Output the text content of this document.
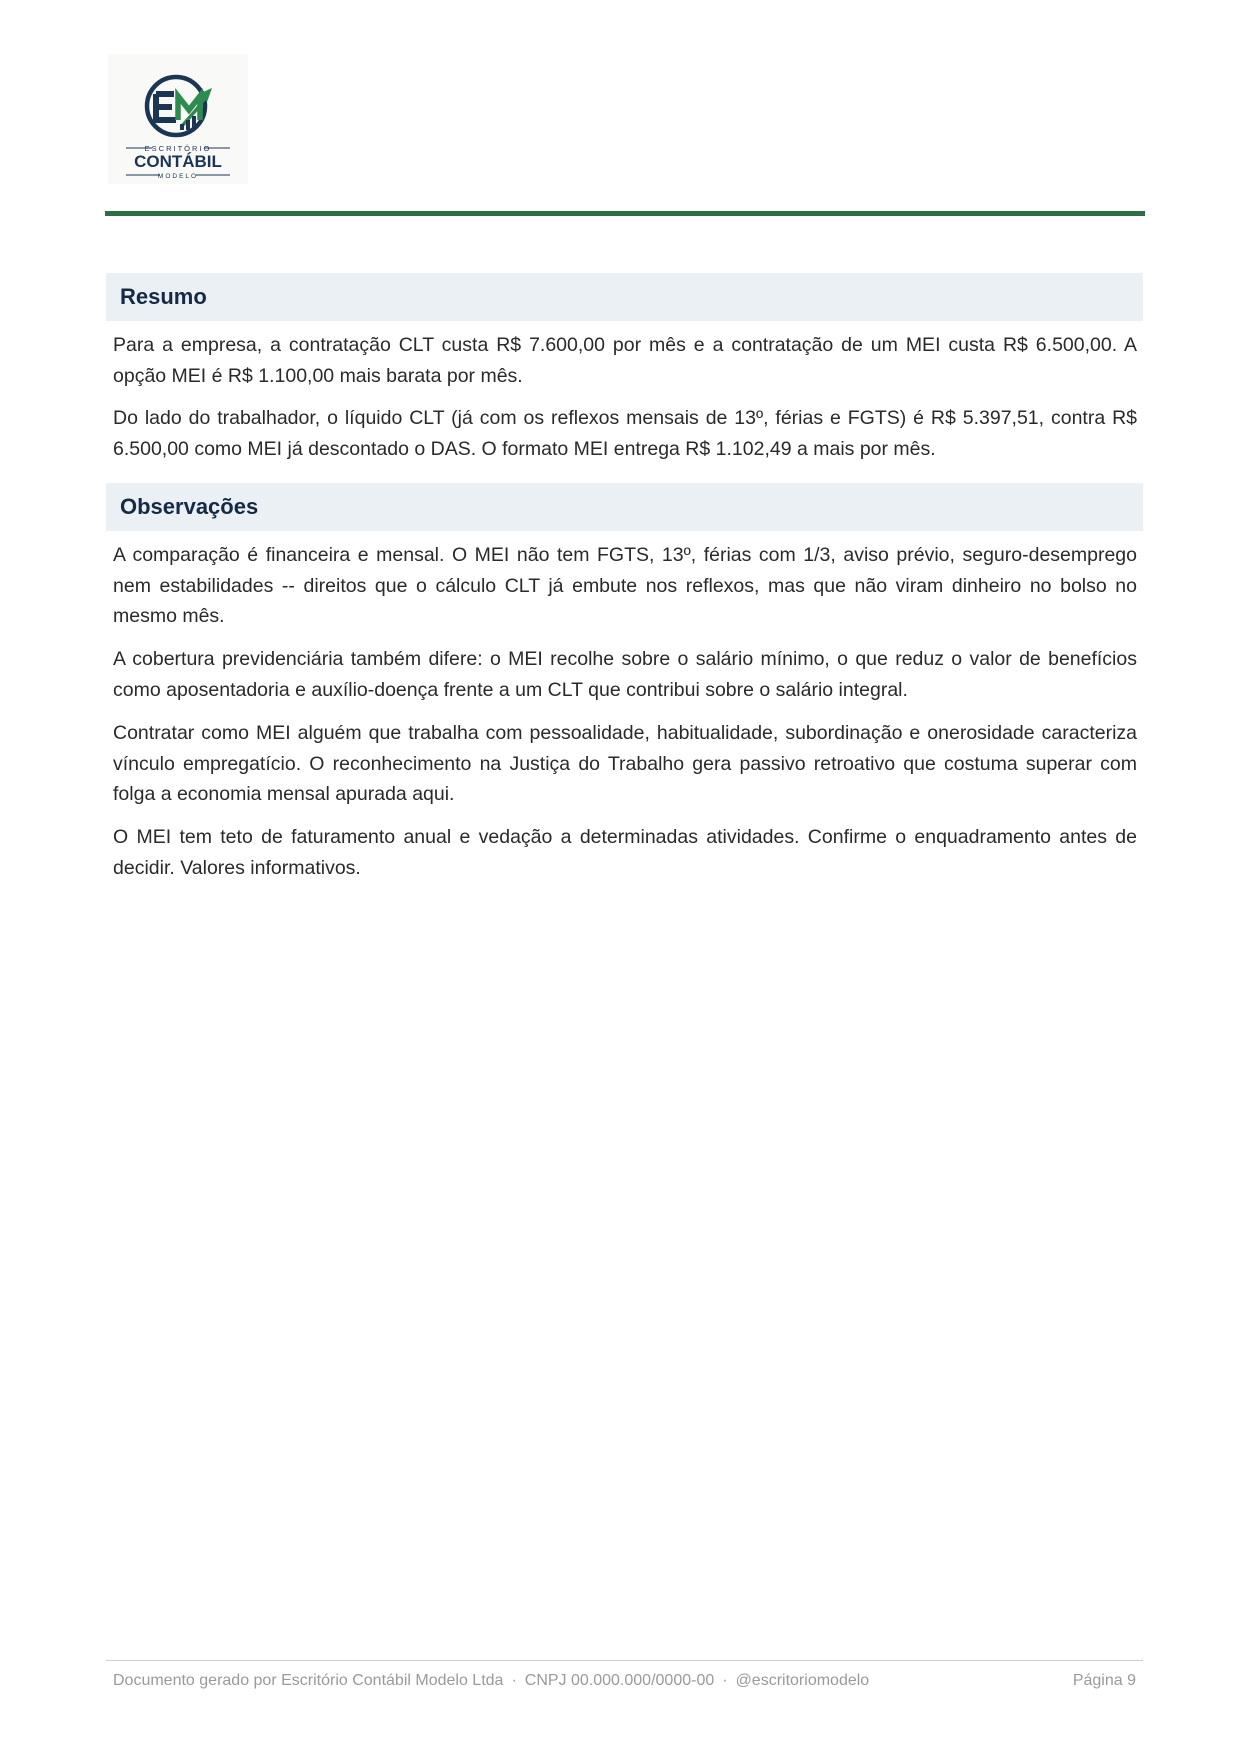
ESCRITÓRIO
CONTÁBIL
MODELO
Resumo

Para a empresa, a contratação CLT custa R$ 7.600,00 por mês e a contratação de um MEI custa R$ 6.500,00. A opção MEI é R$ 1.100,00 mais barata por mês.

Do lado do trabalhador, o líquido CLT (já com os reflexos mensais de 13º, férias e FGTS) é R$ 5.397,51, contra R$ 6.500,00 como MEI já descontado o DAS. O formato MEI entrega R$ 1.102,49 a mais por mês.

Observações

A comparação é financeira e mensal. O MEI não tem FGTS, 13º, férias com 1/3, aviso prévio, seguro-desemprego nem estabilidades -- direitos que o cálculo CLT já embute nos reflexos, mas que não viram dinheiro no bolso no mesmo mês.

A cobertura previdenciária também difere: o MEI recolhe sobre o salário mínimo, o que reduz o valor de benefícios como aposentadoria e auxílio-doença frente a um CLT que contribui sobre o salário integral.

Contratar como MEI alguém que trabalha com pessoalidade, habitualidade, subordinação e onerosidade caracteriza vínculo empregatício. O reconhecimento na Justiça do Trabalho gera passivo retroativo que costuma superar com folga a economia mensal apurada aqui.

O MEI tem teto de faturamento anual e vedação a determinadas atividades. Confirme o enquadramento antes de decidir. Valores informativos.

Documento gerado por Escritório Contábil Modelo Ltda · CNPJ 00.000.000/0000-00 · @escritoriomodelo	Página 9
